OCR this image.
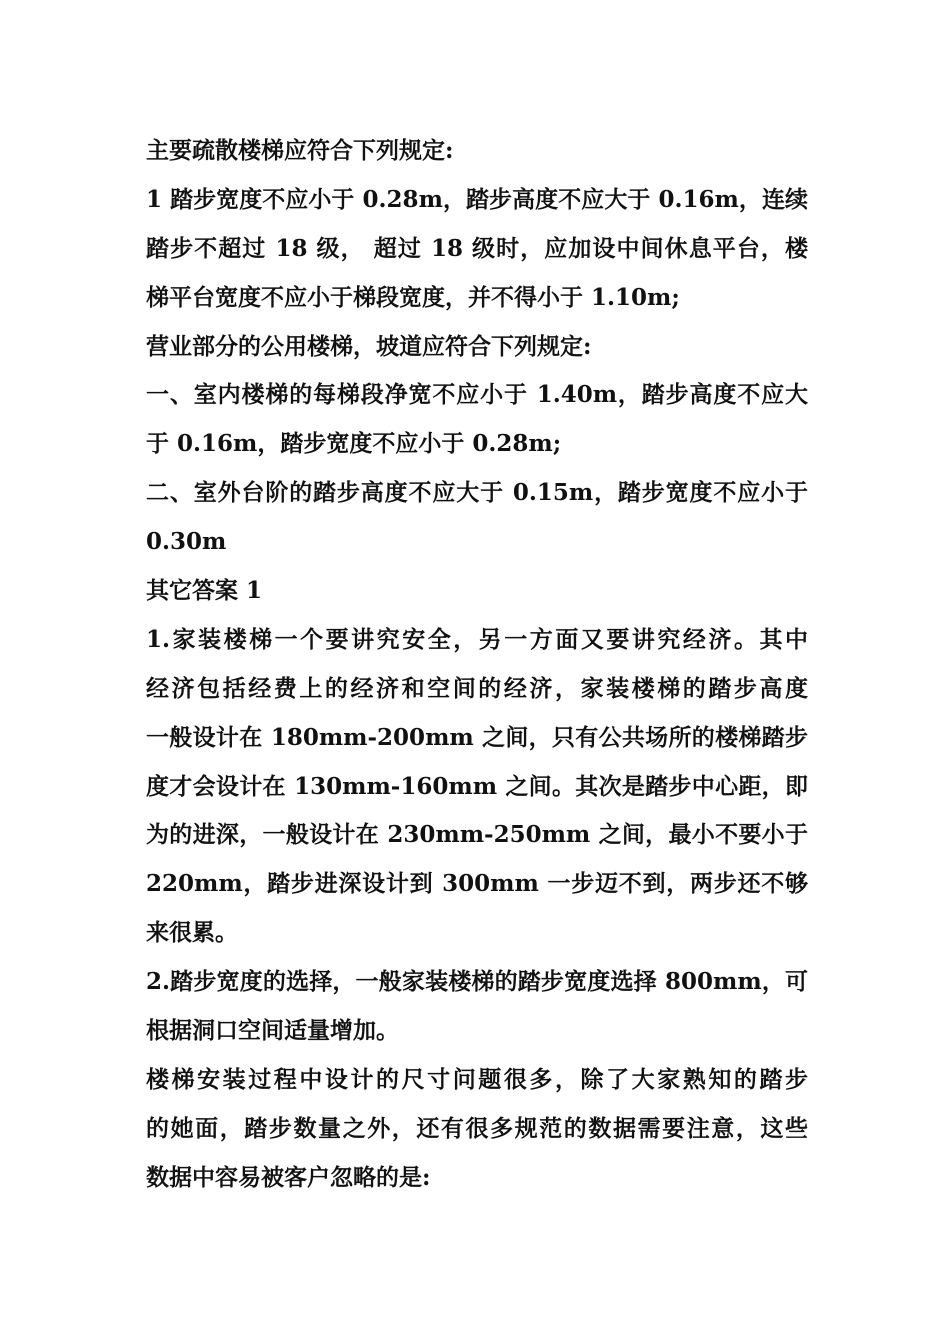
主要疏散楼梯应符合下列规定:
1 踏步宽度不应小于 0.28m，踏步高度不应大于 0.16m，连续
踏步不超过 18 级， 超过 18 级时，应加设中间休息平台，楼
梯平台宽度不应小于梯段宽度，并不得小于 1.10m;
营业部分的公用楼梯，坡道应符合下列规定:
一、室内楼梯的每梯段净宽不应小于 1.40m，踏步高度不应大
于 0.16m，踏步宽度不应小于 0.28m;
二、室外台阶的踏步高度不应大于 0.15m，踏步宽度不应小于
0.30m
其它答案 1
1.家装楼梯一个要讲究安全，另一方面又要讲究经济。其中
经济包括经费上的经济和空间的经济，家装楼梯的踏步高度
一般设计在 180mm-200mm 之间，只有公共场所的楼梯踏步
度才会设计在 130mm-160mm 之间。其次是踏步中心距，即
为的进深，一般设计在 230mm-250mm 之间，最小不要小于
220mm，踏步进深设计到 300mm 一步迈不到，两步还不够
来很累。
2.踏步宽度的选择，一般家装楼梯的踏步宽度选择 800mm，可
根据洞口空间适量增加。
楼梯安装过程中设计的尺寸问题很多，除了大家熟知的踏步
的她面，踏步数量之外，还有很多规范的数据需要注意，这些
数据中容易被客户忽略的是:
